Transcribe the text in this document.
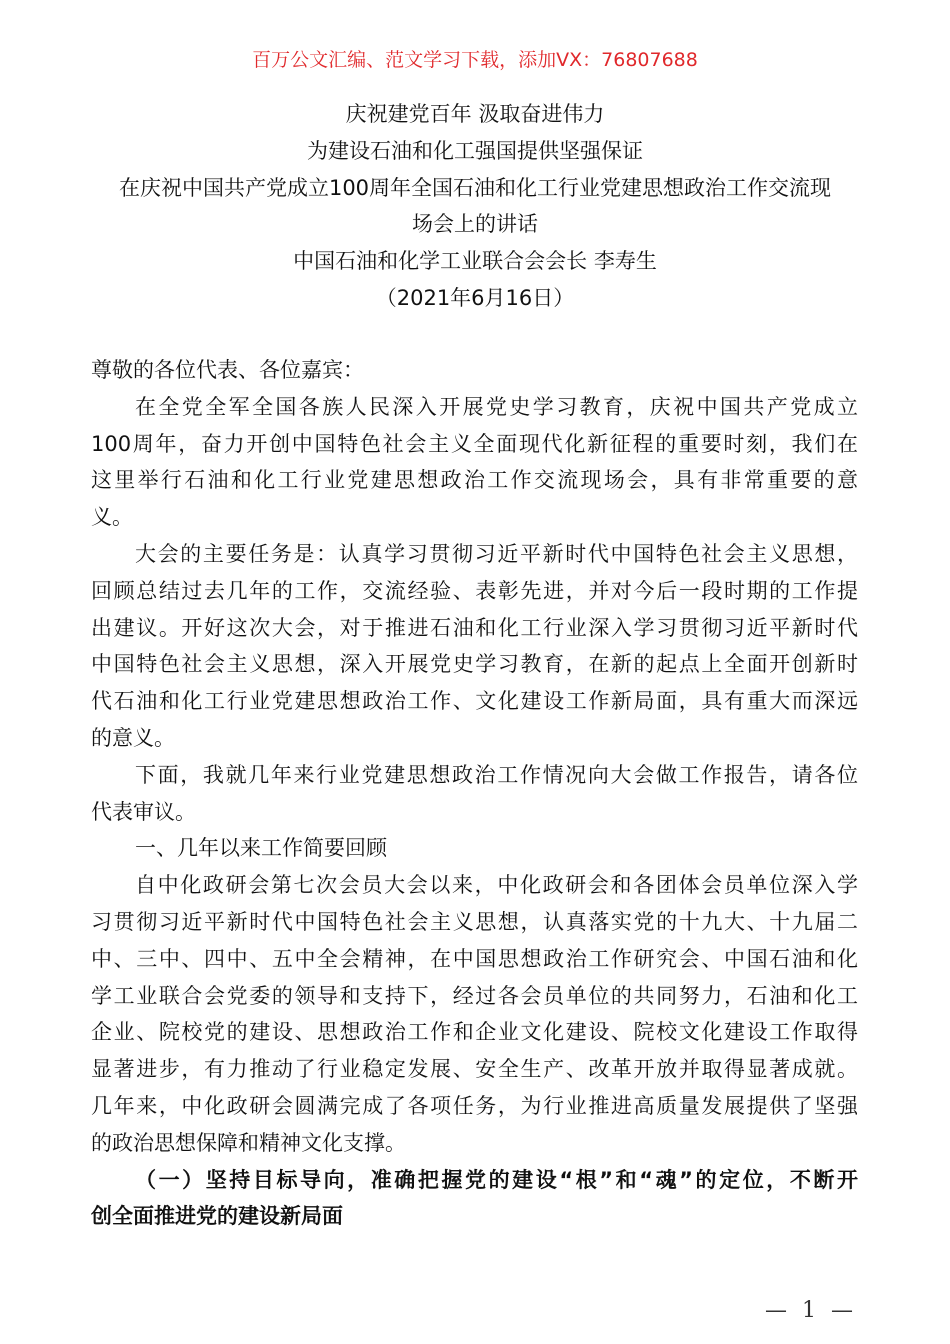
百万公文汇编、范文学习下载，添加VX：76807688
庆祝建党百年 汲取奋进伟力
为建设石油和化工强国提供坚强保证
在庆祝中国共产党成立100周年全国石油和化工行业党建思想政治工作交流现
场会上的讲话
中国石油和化学工业联合会会长 李寿生
（2021年6月16日）
尊敬的各位代表、各位嘉宾：
在全党全军全国各族人民深入开展党史学习教育，庆祝中国共产党成立
100周年，奋力开创中国特色社会主义全面现代化新征程的重要时刻，我们在
这里举行石油和化工行业党建思想政治工作交流现场会，具有非常重要的意
义。
大会的主要任务是：认真学习贯彻习近平新时代中国特色社会主义思想，
回顾总结过去几年的工作，交流经验、表彰先进，并对今后一段时期的工作提
出建议。开好这次大会，对于推进石油和化工行业深入学习贯彻习近平新时代
中国特色社会主义思想，深入开展党史学习教育，在新的起点上全面开创新时
代石油和化工行业党建思想政治工作、文化建设工作新局面，具有重大而深远
的意义。
下面，我就几年来行业党建思想政治工作情况向大会做工作报告，请各位
代表审议。
一、几年以来工作简要回顾
自中化政研会第七次会员大会以来，中化政研会和各团体会员单位深入学
习贯彻习近平新时代中国特色社会主义思想，认真落实党的十九大、十九届二
中、三中、四中、五中全会精神，在中国思想政治工作研究会、中国石油和化
学工业联合会党委的领导和支持下，经过各会员单位的共同努力，石油和化工
企业、院校党的建设、思想政治工作和企业文化建设、院校文化建设工作取得
显著进步，有力推动了行业稳定发展、安全生产、改革开放并取得显著成就。
几年来，中化政研会圆满完成了各项任务，为行业推进高质量发展提供了坚强
的政治思想保障和精神文化支撑。
（一）坚持目标导向，准确把握党的建设“根”和“魂”的定位，不断开
创全面推进党的建设新局面
— 1 —
